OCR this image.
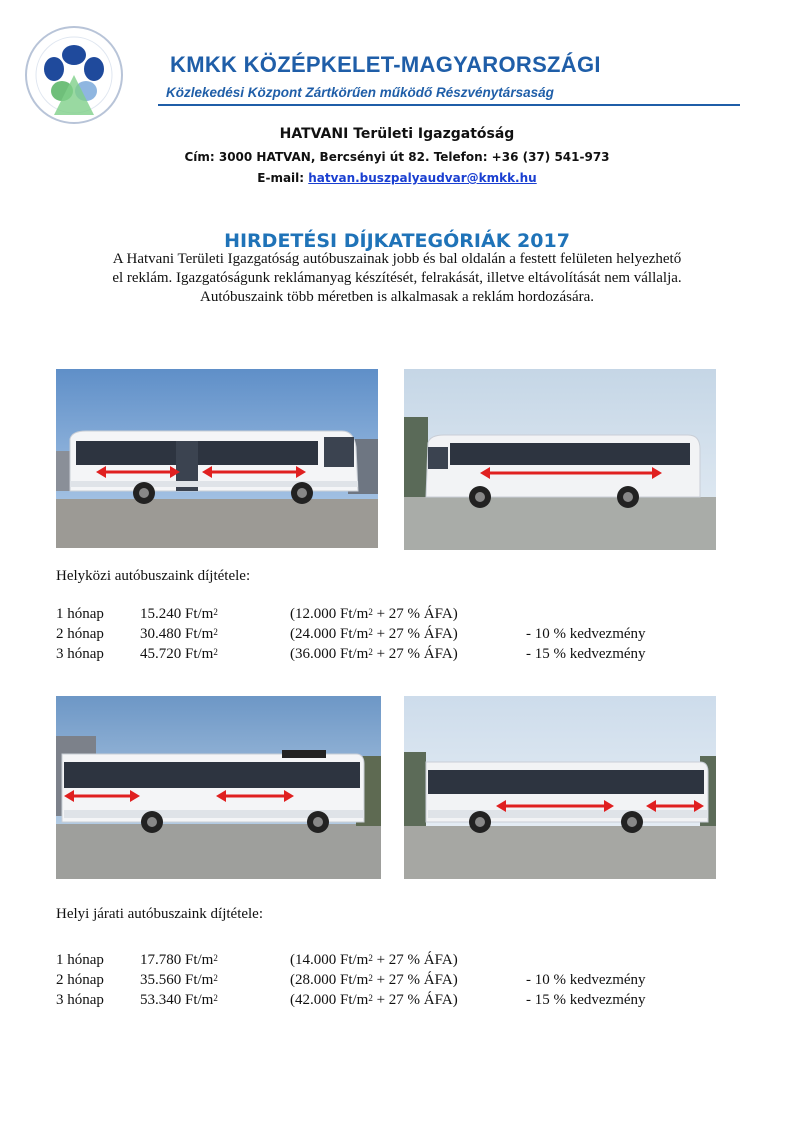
KMKK KÖZÉPKELET-MAGYARORSZÁGI
Közlekedési Központ Zártkörűen működő Részvénytársaság
HATVANI Területi Igazgatóság
Cím: 3000 HATVAN, Bercsényi út 82. Telefon: +36 (37) 541-973
E-mail: hatvan.buszpalyaudvar@kmkk.hu
HIRDETÉSI DÍJKATEGÓRIÁK 2017
A Hatvani Területi Igazgatóság autóbuszainak jobb és bal oldalán a festett felületen helyezhető
el reklám. Igazgatóságunk reklámanyag készítését, felrakását, illetve eltávolítását nem vállalja.
Autóbuszaink több méretben is alkalmasak a reklám hordozására.
Helyközi autóbuszaink díjtétele:
1 hónap	15.240 $Ft/m^2$	(12.000 $Ft/m^2 + 27$ % ÁFA)	
2 hónap	30.480 $Ft/m^2$	(24.000 $Ft/m^2 + 27$ % ÁFA)	- 10 % kedvezmény
3 hónap	45.720 $Ft/m^2$	(36.000 $Ft/m^2 + 27$ % ÁFA)	- 15 % kedvezmény
Helyi járati autóbuszaink díjtétele:
1 hónap	17.780 $Ft/m^2$	(14.000 $Ft/m^2 + 27$ % ÁFA)	
2 hónap	35.560 $Ft/m^2$	(28.000 $Ft/m^2 + 27$ % ÁFA)	- 10 % kedvezmény
3 hónap	53.340 $Ft/m^2$	(42.000 $Ft/m^2 + 27$ % ÁFA)	- 15 % kedvezmény
